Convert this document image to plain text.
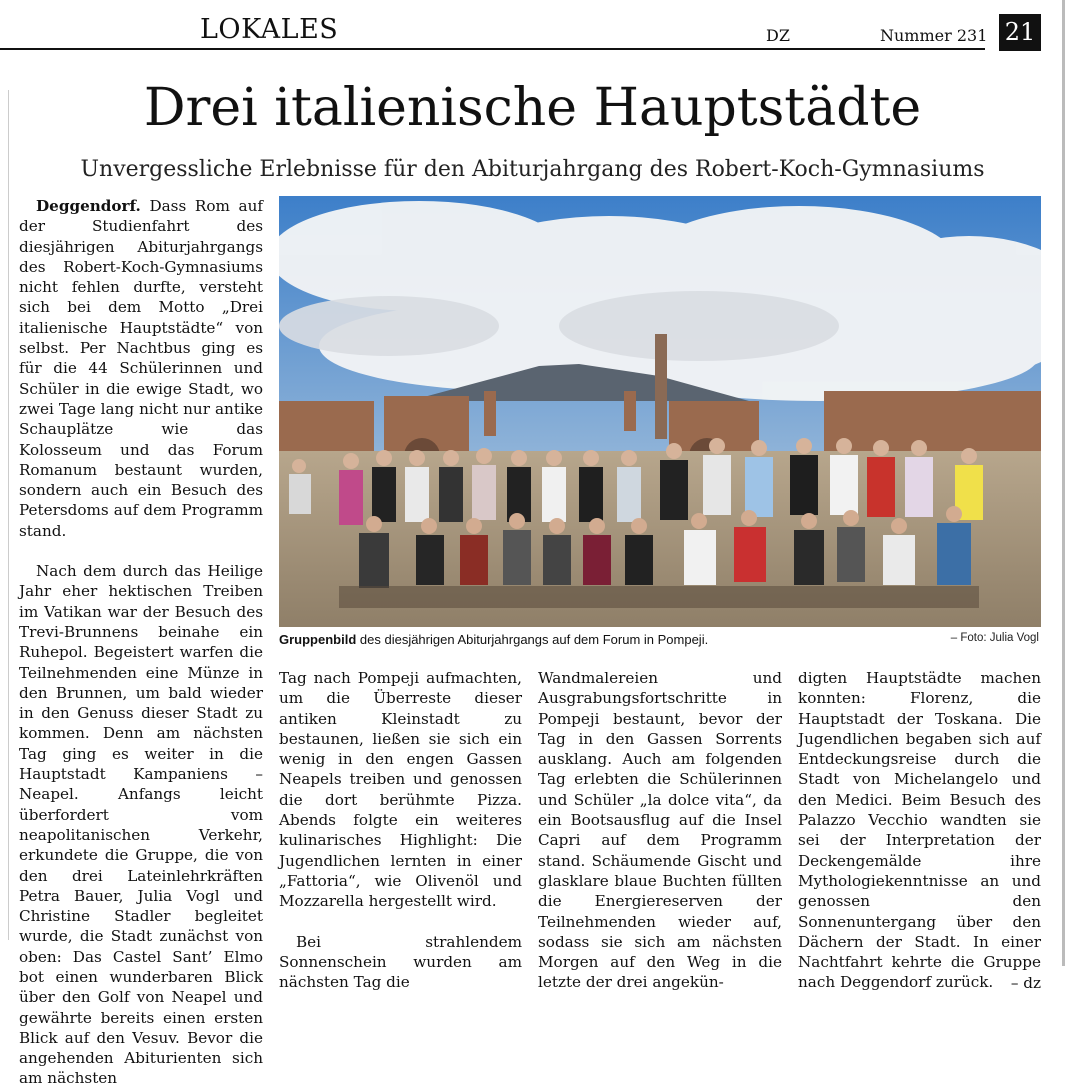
LOKALES	DZ	Nummer 231 21
Drei italienische Hauptstädte
Unvergessliche Erlebnisse für den Abiturjahrgang des Robert-Koch-Gymnasiums
Gruppenbild des diesjährigen Abiturjahrgangs auf dem Forum in Pompeji.	– Foto: Julia Vogl

Deggendorf. Dass Rom auf der Studienfahrt des diesjährigen Abiturjahrgangs des Robert-Koch-Gymnasiums nicht fehlen durfte, versteht sich bei dem Motto „Drei italienische Hauptstädte“ von selbst. Per Nachtbus ging es für die 44 Schülerinnen und Schüler in die ewige Stadt, wo zwei Tage lang nicht nur antike Schauplätze wie das Kolosseum und das Forum Romanum bestaunt wurden, sondern auch ein Besuch des Petersdoms auf dem Programm stand.

Nach dem durch das Heilige Jahr eher hektischen Treiben im Vatikan war der Besuch des Trevi-Brunnens beinahe ein Ruhepol. Begeistert warfen die Teilnehmenden eine Münze in den Brunnen, um bald wieder in den Genuss dieser Stadt zu kommen. Denn am nächsten Tag ging es weiter in die Hauptstadt Kampaniens – Neapel. Anfangs leicht überfordert vom neapolitanischen Verkehr, erkundete die Gruppe, die von den drei Lateinlehrkräften Petra Bauer, Julia Vogl und Christine Stadler begleitet wurde, die Stadt zunächst von oben: Das Castel Sant’ Elmo bot einen wunderbaren Blick über den Golf von Neapel und gewährte bereits einen ersten Blick auf den Vesuv. Bevor die angehenden Abiturienten sich am nächsten

Tag nach Pompeji aufmachten, um die Überreste dieser antiken Kleinstadt zu bestaunen, ließen sie sich ein wenig in den engen Gassen Neapels treiben und genossen die dort berühmte Pizza. Abends folgte ein weiteres kulinarisches Highlight: Die Jugendlichen lernten in einer „Fattoria“, wie Olivenöl und Mozzarella hergestellt wird.

Bei strahlendem Sonnenschein wurden am nächsten Tag die

Wandmalereien und Ausgrabungsfortschritte in Pompeji bestaunt, bevor der Tag in den Gassen Sorrents ausklang. Auch am folgenden Tag erlebten die Schülerinnen und Schüler „la dolce vita“, da ein Bootsausflug auf die Insel Capri auf dem Programm stand. Schäumende Gischt und glasklare blaue Buchten füllten die Energiereserven der Teilnehmenden wieder auf, sodass sie sich am nächsten Morgen auf den Weg in die letzte der drei angekün-

digten Hauptstädte machen konnten: Florenz, die Hauptstadt der Toskana. Die Jugendlichen begaben sich auf Entdeckungsreise durch die Stadt von Michelangelo und den Medici. Beim Besuch des Palazzo Vecchio wandten sie sei der Interpretation der Deckengemälde ihre Mythologiekenntnisse an und genossen den Sonnenuntergang über den Dächern der Stadt. In einer Nachtfahrt kehrte die Gruppe nach Deggendorf zurück.	– dz
